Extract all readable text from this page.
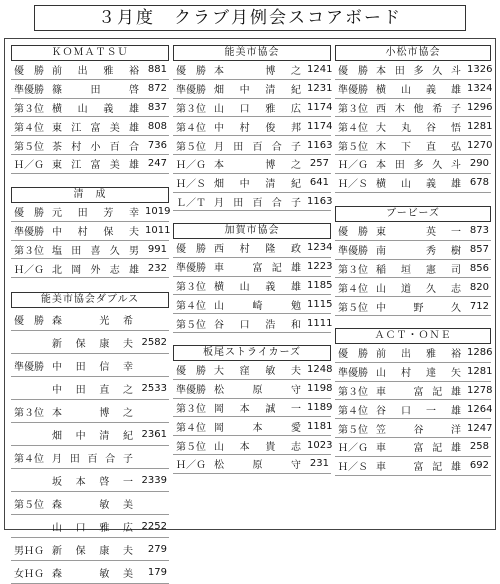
３月度　クラブ月例会スコアボード
ＫＯＭＡＴＳＵ
優　勝 前出雅裕 881
準優勝 篠田啓 872
第３位 横山義雄 837
第４位 東江富美雄 808
第５位 茶村小百合 736
Ｈ／Ｇ 東江富美雄 247
清　成
優　勝 元田芳幸 1019
準優勝 中村保夫 1011
第３位 塩田喜久男 991
Ｈ／Ｇ 北岡外志雄 232
能美市協会ダブルス
優　勝 森　光希
新保康夫 2582
準優勝 中田信幸
中田直之 2533
第３位 本　博之
畑中清紀 2361
第４位 月田百合子
坂本啓一 2339
第５位 森　敏美
山口雅広 2252
男ＨＧ 新保康夫	279
女ＨＧ 森　敏美	179
能美市協会
優　勝 本　博之 1241
準優勝 畑中清紀 1231
第３位 山口雅広 1174
第４位 中村俊邦 1174
第５位 月田百合子 1163
Ｈ／Ｇ 本　博之 257
Ｈ／Ｓ 畑中清紀 641
Ｌ／Ｔ 月田百合子 1163
加賀市協会
優　勝 西村隆政 1234
準優勝 車　富記雄 1223
第３位 横山義雄 1185
第４位 山崎勉 1115
第５位 谷口浩和 1111
板尾ストライカーズ
優　勝 大窪敏夫 1248
準優勝 松原守 1198
第３位 岡本誠一 1189
第４位 岡本愛 1181
第５位 山本貴志 1023
Ｈ／Ｇ 松原守 231
小松市協会
優　勝 本田多久斗 1326
準優勝 横山義雄 1324
第３位 西木他希子 1296
第４位 大丸谷悟 1281
第５位 木下直弘 1270
Ｈ／Ｇ 本田多久斗 290
Ｈ／Ｓ 横山義雄 678
ブービーズ
優　勝 東　英一 873
準優勝 南　秀樹 857
第３位 稲垣憲司 856
第４位 山道久志 820
第５位 中野久 712
ＡＣＴ・ＯＮＥ
優　勝 前出雅裕 1286
準優勝 山村達矢 1281
第３位 車　富記雄 1278
第４位 谷口一雄 1264
第５位 笠谷洋 1247
Ｈ／Ｇ 車　富記雄 258
Ｈ／Ｓ 車　富記雄 692
